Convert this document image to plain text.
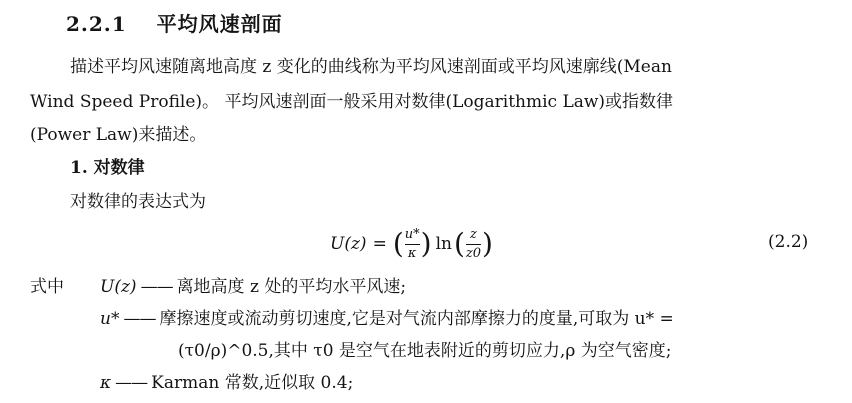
2.2.1 平均风速剖面
描述平均风速随离地高度 z 变化的曲线称为平均风速剖面或平均风速廓线(Mean
Wind Speed Profile)。 平均风速剖面一般采用对数律(Logarithmic Law)或指数律
(Power Law)来描述。
1. 对数律
对数律的表达式为
U(z) = ( $\frac{u*}{\kappa}$ ) ln ( $\frac{z}{z0}$ )	(2.2)
式中 U(z) —— 离地高度 z 处的平均水平风速;
u* —— 摩擦速度或流动剪切速度,它是对气流内部摩擦力的度量,可取为 u* =
(τ0/ρ)^0.5,其中 τ0 是空气在地表附近的剪切应力,ρ 为空气密度;
κ —— Karman 常数,近似取 0.4;
